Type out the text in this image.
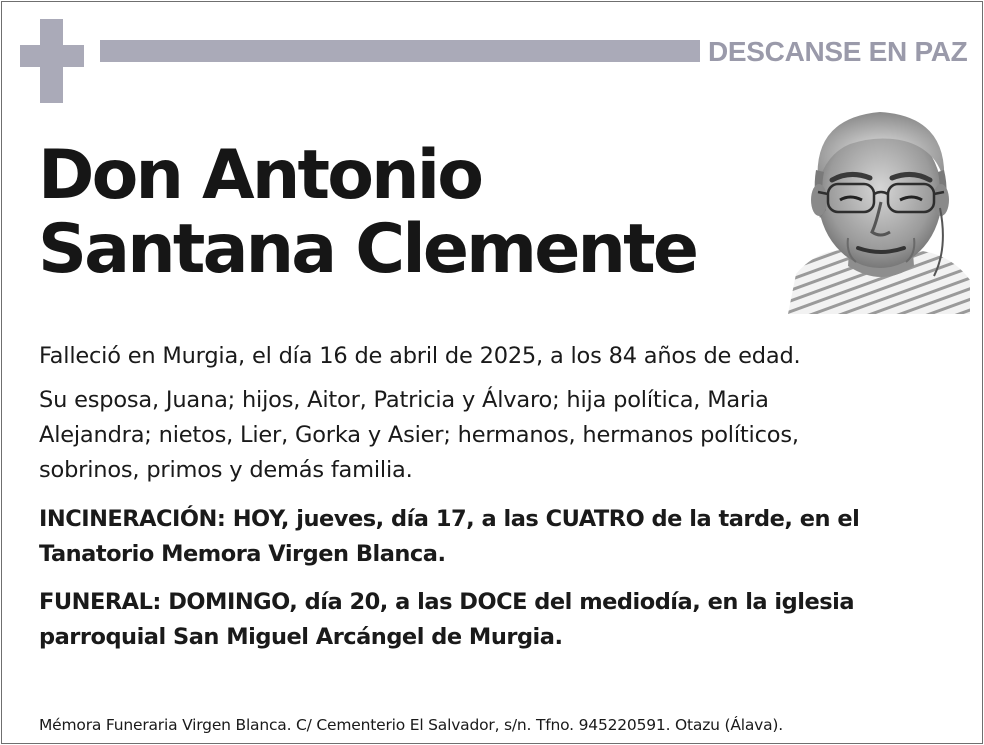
DESCANSE EN PAZ
Don Antonio
Santana Clemente
Falleció en Murgia, el día 16 de abril de 2025, a los 84 años de edad.
Su esposa, Juana; hijos, Aitor, Patricia y Álvaro; hija política, Maria
Alejandra; nietos, Lier, Gorka y Asier; hermanos, hermanos políticos,
sobrinos, primos y demás familia.
INCINERACIÓN: HOY, jueves, día 17, a las CUATRO de la tarde, en el
Tanatorio Memora Virgen Blanca.
FUNERAL: DOMINGO, día 20, a las DOCE del mediodía, en la iglesia
parroquial San Miguel Arcángel de Murgia.
Mémora Funeraria Virgen Blanca. C/ Cementerio El Salvador, s/n. Tfno. 945220591. Otazu (Álava).
